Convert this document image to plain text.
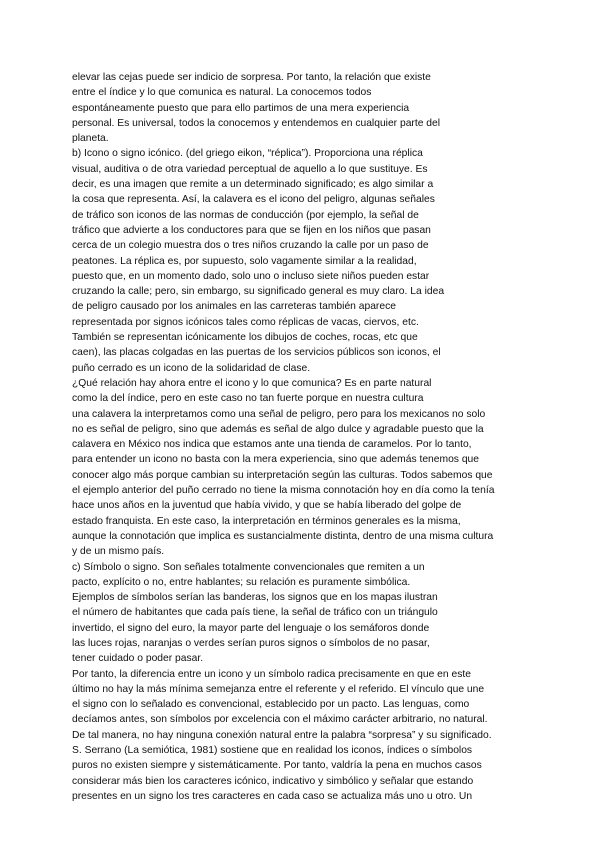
elevar las cejas puede ser indicio de sorpresa. Por tanto, la relación que existe
entre el índice y lo que comunica es natural. La conocemos todos
espontáneamente puesto que para ello partimos de una mera experiencia
personal. Es universal, todos la conocemos y entendemos en cualquier parte del
planeta.
b) Icono o signo icónico. (del griego eikon, “réplica”). Proporciona una réplica
visual, auditiva o de otra variedad perceptual de aquello a lo que sustituye. Es
decir, es una imagen que remite a un determinado significado; es algo similar a
la cosa que representa. Así, la calavera es el icono del peligro, algunas señales
de tráfico son iconos de las normas de conducción (por ejemplo, la señal de
tráfico que advierte a los conductores para que se fijen en los niños que pasan
cerca de un colegio muestra dos o tres niños cruzando la calle por un paso de
peatones. La réplica es, por supuesto, solo vagamente similar a la realidad,
puesto que, en un momento dado, solo uno o incluso siete niños pueden estar
cruzando la calle; pero, sin embargo, su significado general es muy claro. La idea
de peligro causado por los animales en las carreteras también aparece
representada por signos icónicos tales como réplicas de vacas, ciervos, etc.
También se representan icónicamente los dibujos de coches, rocas, etc que
caen), las placas colgadas en las puertas de los servicios públicos son iconos, el
puño cerrado es un icono de la solidaridad de clase.
¿Qué relación hay ahora entre el icono y lo que comunica? Es en parte natural
como la del índice, pero en este caso no tan fuerte porque en nuestra cultura
una calavera la interpretamos como una señal de peligro, pero para los mexicanos no solo
no es señal de peligro, sino que además es señal de algo dulce y agradable puesto que la
calavera en México nos indica que estamos ante una tienda de caramelos. Por lo tanto,
para entender un icono no basta con la mera experiencia, sino que además tenemos que
conocer algo más porque cambian su interpretación según las culturas. Todos sabemos que
el ejemplo anterior del puño cerrado no tiene la misma connotación hoy en día como la tenía
hace unos años en la juventud que había vivido, y que se había liberado del golpe de
estado franquista. En este caso, la interpretación en términos generales es la misma,
aunque la connotación que implica es sustancialmente distinta, dentro de una misma cultura
y de un mismo país.
c) Símbolo o signo. Son señales totalmente convencionales que remiten a un
pacto, explícito o no, entre hablantes; su relación es puramente simbólica.
Ejemplos de símbolos serían las banderas, los signos que en los mapas ilustran
el número de habitantes que cada país tiene, la señal de tráfico con un triángulo
invertido, el signo del euro, la mayor parte del lenguaje o los semáforos donde
las luces rojas, naranjas o verdes serían puros signos o símbolos de no pasar,
tener cuidado o poder pasar.
Por tanto, la diferencia entre un icono y un símbolo radica precisamente en que en este
último no hay la más mínima semejanza entre el referente y el referido. El vínculo que une
el signo con lo señalado es convencional, establecido por un pacto. Las lenguas, como
decíamos antes, son símbolos por excelencia con el máximo carácter arbitrario, no natural.
De tal manera, no hay ninguna conexión natural entre la palabra “sorpresa” y su significado.
S. Serrano (La semiótica, 1981) sostiene que en realidad los iconos, índices o símbolos
puros no existen siempre y sistemáticamente. Por tanto, valdría la pena en muchos casos
considerar más bien los caracteres icónico, indicativo y simbólico y señalar que estando
presentes en un signo los tres caracteres en cada caso se actualiza más uno u otro. Un
